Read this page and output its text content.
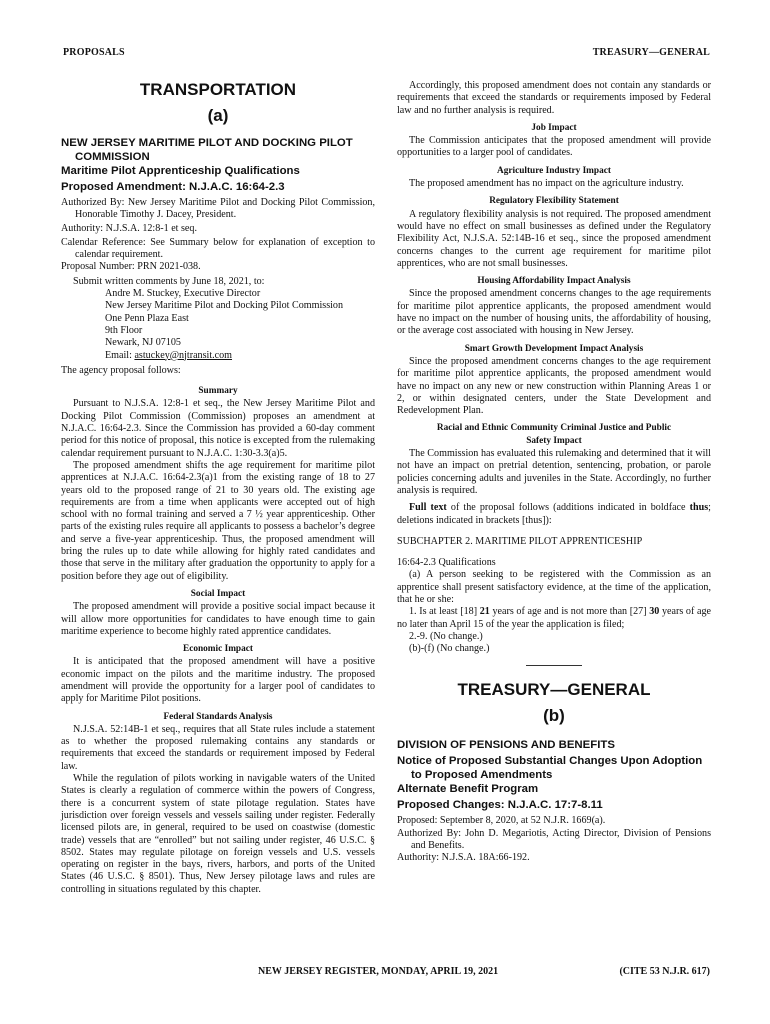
PROPOSALS	TREASURY—GENERAL
TRANSPORTATION
(a)
NEW JERSEY MARITIME PILOT AND DOCKING PILOT COMMISSION
Maritime Pilot Apprenticeship Qualifications
Proposed Amendment: N.J.A.C. 16:64-2.3

Authorized By: New Jersey Maritime Pilot and Docking Pilot Commission, Honorable Timothy J. Dacey, President.

Authority: N.J.S.A. 12:8-1 et seq.

Calendar Reference: See Summary below for explanation of exception to calendar requirement.

Proposal Number: PRN 2021-038.

Submit written comments by June 18, 2021, to:

Andre M. Stuckey, Executive Director
New Jersey Maritime Pilot and Docking Pilot Commission
One Penn Plaza East
9th Floor
Newark, NJ 07105
Email: astuckey@njtransit.com

The agency proposal follows:

Summary

Pursuant to N.J.S.A. 12:8-1 et seq., the New Jersey Maritime Pilot and Docking Pilot Commission (Commission) proposes an amendment at N.J.A.C. 16:64-2.3. Since the Commission has provided a 60-day comment period for this notice of proposal, this notice is excepted from the rulemaking calendar requirement pursuant to N.J.A.C. 1:30-3.3(a)5.

The proposed amendment shifts the age requirement for maritime pilot apprentices at N.J.A.C. 16:64-2.3(a)1 from the existing range of 18 to 27 years old to the proposed range of 21 to 30 years old. The existing age requirements are from a time when applicants were accepted out of high school with no formal training and served a 7 ½ year apprenticeship. Other parts of the existing rules require all applicants to possess a bachelor’s degree and serve a five-year apprenticeship. Thus, the proposed amendment will bring the rules up to date while allowing for highly rated candidates and those that serve in the military after graduation the opportunity to apply for a position before they age out of eligibility.

Social Impact

The proposed amendment will provide a positive social impact because it will allow more opportunities for candidates to have enough time to gain maritime experience to become highly rated apprentice candidates.

Economic Impact

It is anticipated that the proposed amendment will have a positive economic impact on the pilots and the maritime industry. The proposed amendment will provide the opportunity for a larger pool of candidates to apply for Maritime Pilot positions.

Federal Standards Analysis

N.J.S.A. 52:14B-1 et seq., requires that all State rules include a statement as to whether the proposed rulemaking contains any standards or requirements that exceed the standards or requirement imposed by Federal law.

While the regulation of pilots working in navigable waters of the United States is clearly a regulation of commerce within the powers of Congress, there is a concurrent system of state pilotage regulation. States have jurisdiction over foreign vessels and vessels sailing under register. Federally licensed pilots are, in general, required to be used on coastwise (domestic trade) vessels that are “enrolled” but not sailing under register, 46 U.S.C. § 8502. States may regulate pilotage on foreign vessels and U.S. vessels operating on register in the bays, rivers, harbors, and ports of the United States (46 U.S.C. § 8501). Thus, New Jersey pilotage laws and rules are controlling in situations regulated by this chapter.

Accordingly, this proposed amendment does not contain any standards or requirements that exceed the standards or requirements imposed by Federal law and no further analysis is required.

Job Impact

The Commission anticipates that the proposed amendment will provide opportunities to a larger pool of candidates.

Agriculture Industry Impact

The proposed amendment has no impact on the agriculture industry.

Regulatory Flexibility Statement

A regulatory flexibility analysis is not required. The proposed amendment would have no effect on small businesses as defined under the Regulatory Flexibility Act, N.J.S.A. 52:14B-16 et seq., since the proposed amendment concerns changes to the current age requirement for maritime pilot apprentices, who are not small businesses.

Housing Affordability Impact Analysis

Since the proposed amendment concerns changes to the age requirements for maritime pilot apprentice applicants, the proposed amendment would have no impact on the number of housing units, the affordability of housing, or the average cost associated with housing in New Jersey.

Smart Growth Development Impact Analysis

Since the proposed amendment concerns changes to the age requirement for maritime pilot apprentice applicants, the proposed amendment would have no impact on any new or new construction within Planning Areas 1 or 2, or within designated centers, under the State Development and Redevelopment Plan.

Racial and Ethnic Community Criminal Justice and Public Safety Impact

The Commission has evaluated this rulemaking and determined that it will not have an impact on pretrial detention, sentencing, probation, or parole policies concerning adults and juveniles in the State. Accordingly, no further analysis is required.

Full text of the proposal follows (additions indicated in boldface thus; deletions indicated in brackets [thus]):

SUBCHAPTER 2. MARITIME PILOT APPRENTICESHIP

16:64-2.3 Qualifications

(a) A person seeking to be registered with the Commission as an apprentice shall present satisfactory evidence, at the time of the application, that he or she:

1. Is at least [18] 21 years of age and is not more than [27] 30 years of age no later than April 15 of the year the application is filed;

2.-9. (No change.)

(b)-(f) (No change.)

TREASURY—GENERAL
(b)
DIVISION OF PENSIONS AND BENEFITS
Notice of Proposed Substantial Changes Upon Adoption to Proposed Amendments
Alternate Benefit Program
Proposed Changes: N.J.A.C. 17:7-8.11

Proposed: September 8, 2020, at 52 N.J.R. 1669(a).

Authorized By: John D. Megariotis, Acting Director, Division of Pensions and Benefits.

Authority: N.J.S.A. 18A:66-192.

NEW JERSEY REGISTER, MONDAY, APRIL 19, 2021	(CITE 53 N.J.R. 617)
